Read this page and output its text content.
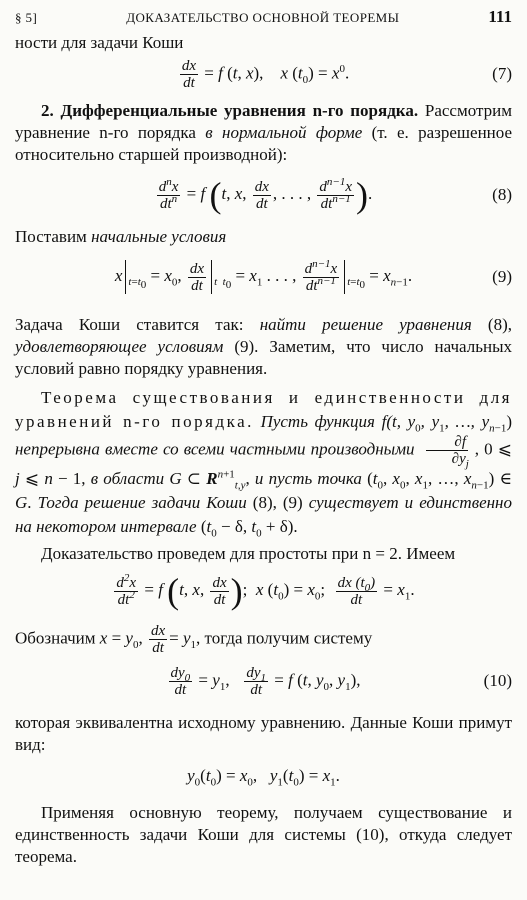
§ 5]	ДОКАЗАТЕЛЬСТВО ОСНОВНОЙ ТЕОРЕМЫ	111

ности для задачи Коши

$\frac{dx}{dt} = f$ (t, x),    x $(t_0) = x^0$.	(7)

2. Дифференциальные уравнения n-го порядка. Рассмотрим уравнение n-го порядка в нормальной форме (т. е. разрешенное относительно старшей производной):

$\frac{d^nx}{dt^n} = f$ (t, x, $\frac{dx}{dt}$ , . . . , $\frac{d^{n-1}x}{dt^{n-1}}$ ).	(8)

Поставим начальные условия

x $_{t=t_0} = x_0$, $\frac{dx}{dt} _{t t_0} = x_1$ . . . , $\frac{d^{n-1}x}{dt^{n-1}} _{t=t_0} = x_{n-1}$.	(9)

Задача Коши ставится так: найти решение уравнения (8), удовлетворяющее условиям (9). Заметим, что число начальных условий равно порядку уравнения.

Теорема существования и единственности для уравнений n-го порядка. Пусть функция f(t, $y_0$, $y_1$, …, $y_{n-1}$) непрерывна вместе со всеми частными производными $\frac{\partial f}{\partial y_j}$ , 0 ⩽ j ⩽ n − 1, в области G ⊂ $R^{n+1}_{t,y}$, и пусть точка ($t_0$, $x_0$, $x_1$, …, $x_{n-1}$) ∈ G. Тогда решение задачи Коши (8), (9) существует и единственно на некотором интервале ($t_0 - \delta$, $t_0 + \delta$).

Доказательство проведем для простоты при n = 2. Имеем

$\frac{d^2x}{dt^2} = f$ (t, x, $\frac{dx}{dt}$ );  x $(t_0) = x_0$; $\frac{dx (t_0)}{dt} = x_1$.

Обозначим $x = y_0$, $\frac{dx}{dt} = y_1$, тогда получим систему

$\frac{dy_0}{dt} = y_1$, $\frac{dy_1}{dt} = f$ (t, $y_0$, $y_1$),	(10)

которая эквивалентна исходному уравнению. Данные Коши примут вид:

$y_0(t_0) = x_0$,   $y_1(t_0) = x_1$.

Применяя основную теорему, получаем существование и единственность задачи Коши для системы (10), откуда следует теорема.
